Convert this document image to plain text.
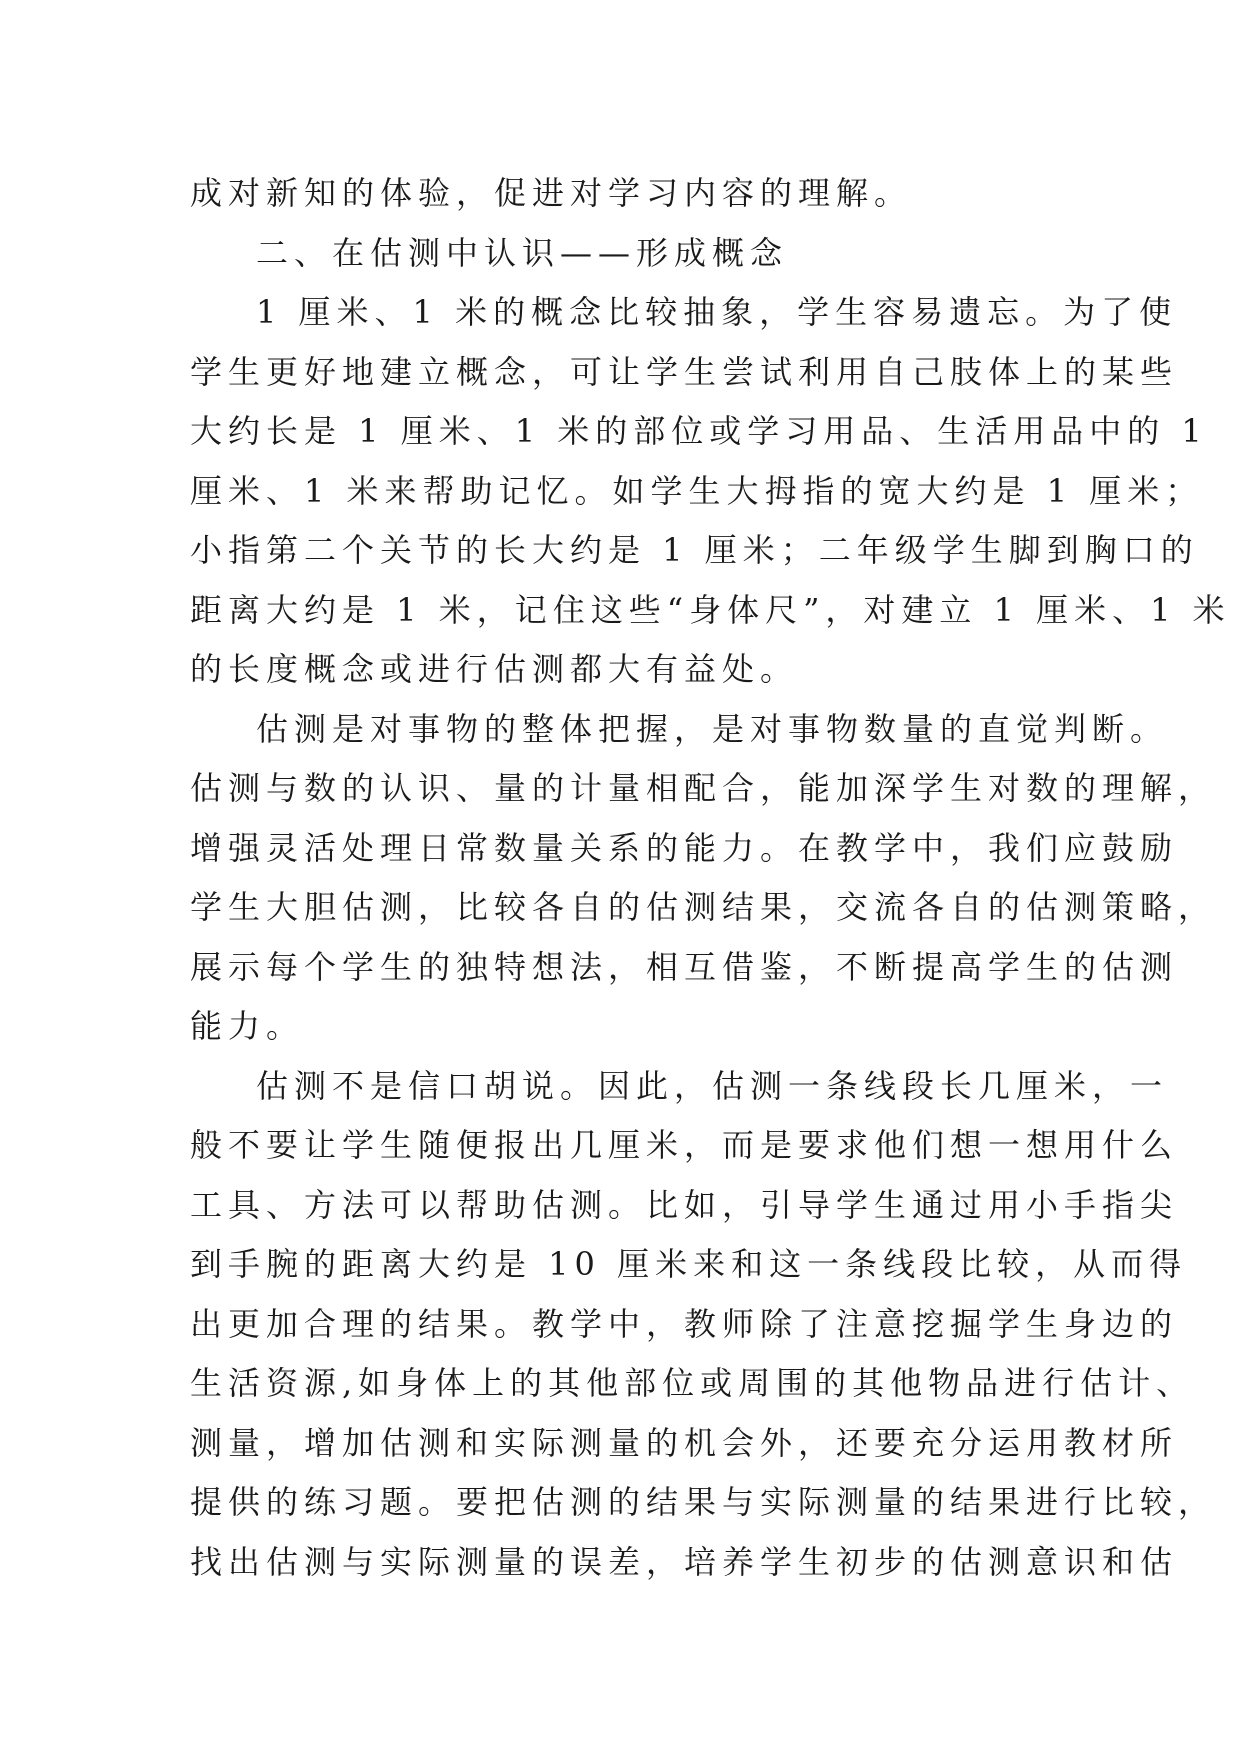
成对新知的体验，促进对学习内容的理解。
二、在估测中认识——形成概念
1 厘米、1 米的概念比较抽象，学生容易遗忘。为了使
学生更好地建立概念，可让学生尝试利用自己肢体上的某些
大约长是 1 厘米、1 米的部位或学习用品、生活用品中的 1
厘米、1 米来帮助记忆。如学生大拇指的宽大约是 1 厘米；
小指第二个关节的长大约是 1 厘米；二年级学生脚到胸口的
距离大约是 1 米，记住这些“身体尺”，对建立 1 厘米、1 米
的长度概念或进行估测都大有益处。
估测是对事物的整体把握，是对事物数量的直觉判断。
估测与数的认识、量的计量相配合，能加深学生对数的理解，
增强灵活处理日常数量关系的能力。在教学中，我们应鼓励
学生大胆估测，比较各自的估测结果，交流各自的估测策略，
展示每个学生的独特想法，相互借鉴，不断提高学生的估测
能力。
估测不是信口胡说。因此，估测一条线段长几厘米，一
般不要让学生随便报出几厘米，而是要求他们想一想用什么
工具、方法可以帮助估测。比如，引导学生通过用小手指尖
到手腕的距离大约是 10 厘米来和这一条线段比较，从而得
出更加合理的结果。教学中，教师除了注意挖掘学生身边的
生活资源,如身体上的其他部位或周围的其他物品进行估计、
测量，增加估测和实际测量的机会外，还要充分运用教材所
提供的练习题。要把估测的结果与实际测量的结果进行比较，
找出估测与实际测量的误差，培养学生初步的估测意识和估
